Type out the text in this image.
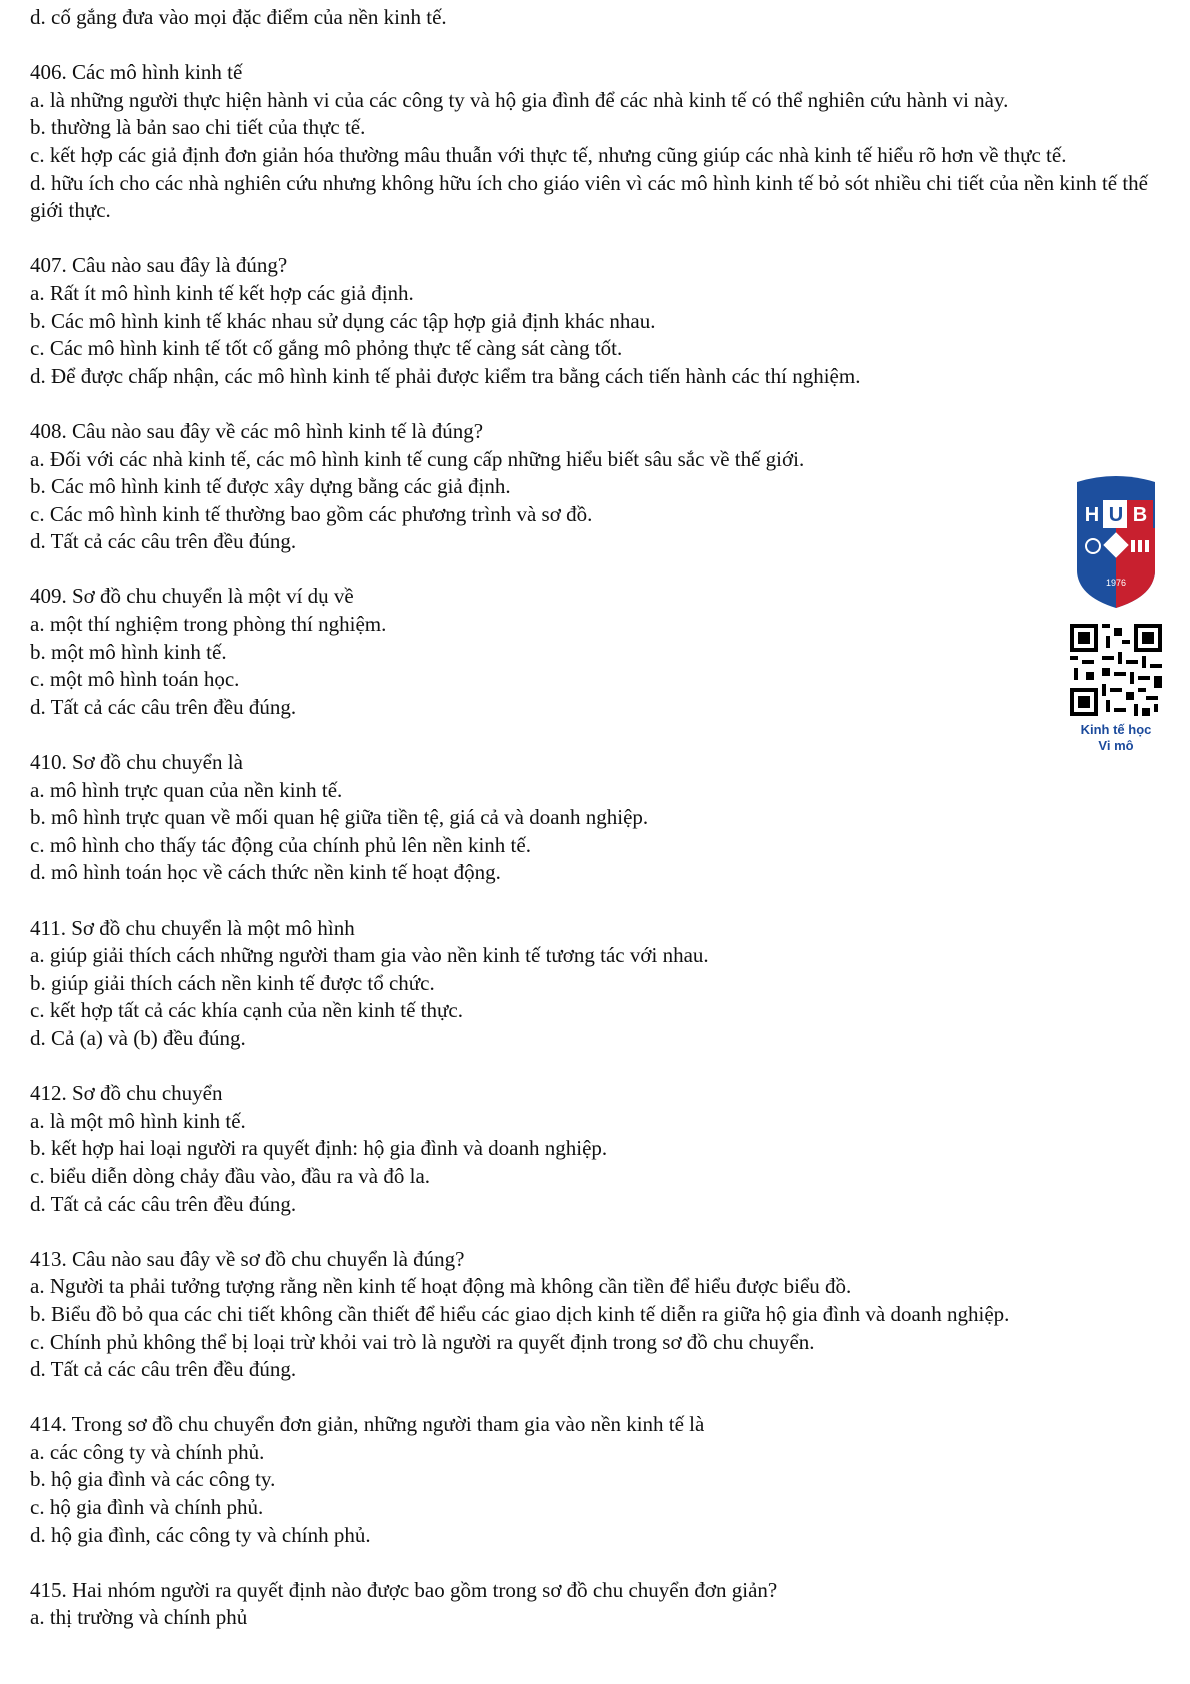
d. cố gắng đưa vào mọi đặc điểm của nền kinh tế.
406. Các mô hình kinh tế
a. là những người thực hiện hành vi của các công ty và hộ gia đình để các nhà kinh tế có thể nghiên cứu hành vi này.
b. thường là bản sao chi tiết của thực tế.
c. kết hợp các giả định đơn giản hóa thường mâu thuẫn với thực tế, nhưng cũng giúp các nhà kinh tế hiểu rõ hơn về thực tế.
d. hữu ích cho các nhà nghiên cứu nhưng không hữu ích cho giáo viên vì các mô hình kinh tế bỏ sót nhiều chi tiết của nền kinh tế thế giới thực.
407. Câu nào sau đây là đúng?
a. Rất ít mô hình kinh tế kết hợp các giả định.
b. Các mô hình kinh tế khác nhau sử dụng các tập hợp giả định khác nhau.
c. Các mô hình kinh tế tốt cố gắng mô phỏng thực tế càng sát càng tốt.
d. Để được chấp nhận, các mô hình kinh tế phải được kiểm tra bằng cách tiến hành các thí nghiệm.
408. Câu nào sau đây về các mô hình kinh tế là đúng?
a. Đối với các nhà kinh tế, các mô hình kinh tế cung cấp những hiểu biết sâu sắc về thế giới.
b. Các mô hình kinh tế được xây dựng bằng các giả định.
c. Các mô hình kinh tế thường bao gồm các phương trình và sơ đồ.
d. Tất cả các câu trên đều đúng.
409. Sơ đồ chu chuyển là một ví dụ về
a. một thí nghiệm trong phòng thí nghiệm.
b. một mô hình kinh tế.
c. một mô hình toán học.
d. Tất cả các câu trên đều đúng.
410. Sơ đồ chu chuyển là
a. mô hình trực quan của nền kinh tế.
b. mô hình trực quan về mối quan hệ giữa tiền tệ, giá cả và doanh nghiệp.
c. mô hình cho thấy tác động của chính phủ lên nền kinh tế.
d. mô hình toán học về cách thức nền kinh tế hoạt động.
411. Sơ đồ chu chuyển là một mô hình
a. giúp giải thích cách những người tham gia vào nền kinh tế tương tác với nhau.
b. giúp giải thích cách nền kinh tế được tổ chức.
c. kết hợp tất cả các khía cạnh của nền kinh tế thực.
d. Cả (a) và (b) đều đúng.
412. Sơ đồ chu chuyển
a. là một mô hình kinh tế.
b. kết hợp hai loại người ra quyết định: hộ gia đình và doanh nghiệp.
c. biểu diễn dòng chảy đầu vào, đầu ra và đô la.
d. Tất cả các câu trên đều đúng.
413. Câu nào sau đây về sơ đồ chu chuyển là đúng?
a. Người ta phải tưởng tượng rằng nền kinh tế hoạt động mà không cần tiền để hiểu được biểu đồ.
b. Biểu đồ bỏ qua các chi tiết không cần thiết để hiểu các giao dịch kinh tế diễn ra giữa hộ gia đình và doanh nghiệp.
c. Chính phủ không thể bị loại trừ khỏi vai trò là người ra quyết định trong sơ đồ chu chuyển.
d. Tất cả các câu trên đều đúng.
414. Trong sơ đồ chu chuyển đơn giản, những người tham gia vào nền kinh tế là
a. các công ty và chính phủ.
b. hộ gia đình và các công ty.
c. hộ gia đình và chính phủ.
d. hộ gia đình, các công ty và chính phủ.
415. Hai nhóm người ra quyết định nào được bao gồm trong sơ đồ chu chuyển đơn giản?
a. thị trường và chính phủ
H U B
1976
Kinh tế học
Vi mô
